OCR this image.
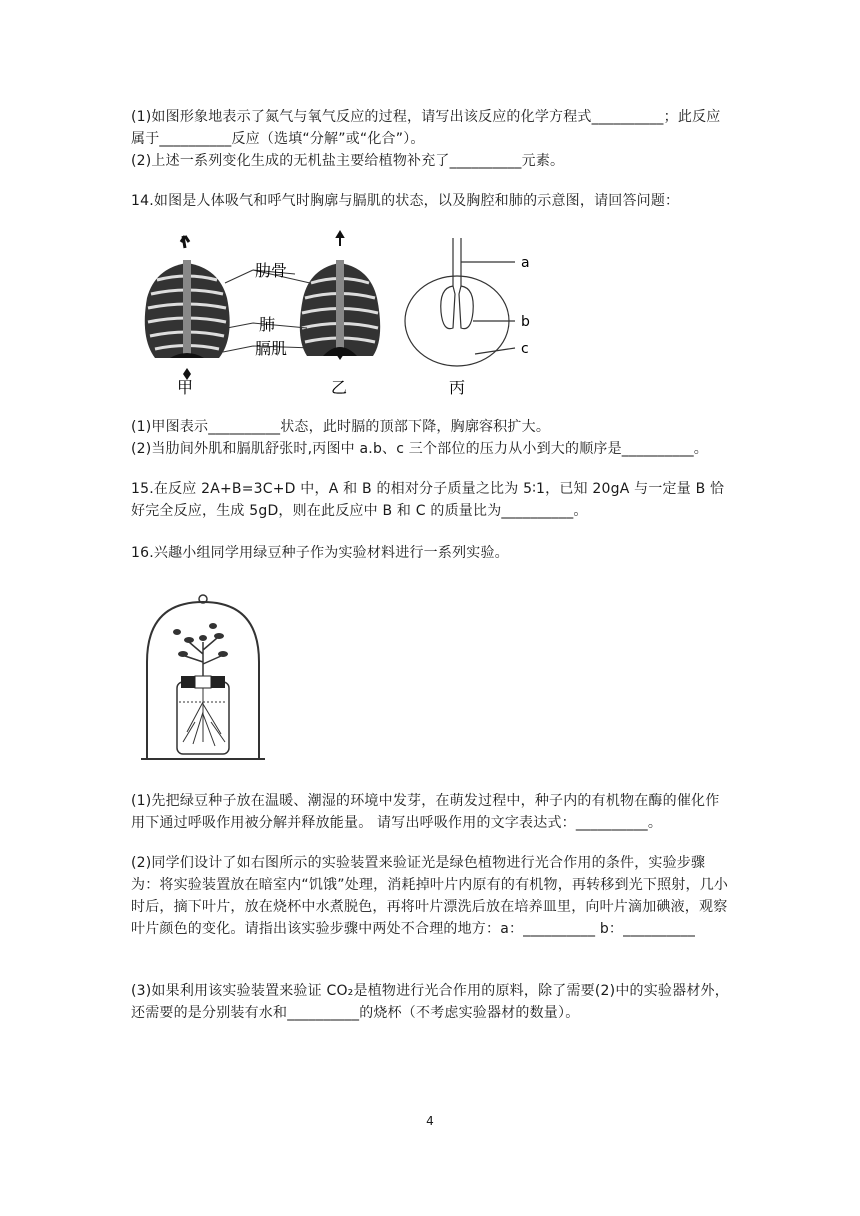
(1)如图形象地表示了氮气与氧气反应的过程，请写出该反应的化学方程式__________；此反应属于__________反应（选填“分解”或“化合”）。
(2)上述一系列变化生成的无机盐主要给植物补充了__________元素。
14.如图是人体吸气和呼气时胸廓与膈肌的状态，以及胸腔和肺的示意图，请回答问题：
肋骨
肺
膈肌
甲	乙
a
b
c
丙
(1)甲图表示__________状态，此时膈的顶部下降，胸廓容积扩大。
(2)当肋间外肌和膈肌舒张时,丙图中 a.b、c 三个部位的压力从小到大的顺序是__________。
15.在反应 2A+B=3C+D 中，A 和 B 的相对分子质量之比为 5∶1，已知 20gA 与一定量 B 恰好完全反应，生成 5gD，则在此反应中 B 和 C 的质量比为__________。
16.兴趣小组同学用绿豆种子作为实验材料进行一系列实验。
(1)先把绿豆种子放在温暖、潮湿的环境中发芽，在萌发过程中，种子内的有机物在酶的催化作用下通过呼吸作用被分解并释放能量。 请写出呼吸作用的文字表达式：__________。
(2)同学们设计了如右图所示的实验装置来验证光是绿色植物进行光合作用的条件，实验步骤为：将实验装置放在暗室内“饥饿”处理，消耗掉叶片内原有的有机物，再转移到光下照射，几小时后，摘下叶片，放在烧杯中水煮脱色，再将叶片漂洗后放在培养皿里，向叶片滴加碘液，观察叶片颜色的变化。请指出该实验步骤中两处不合理的地方：a：__________ b：__________
(3)如果利用该实验装置来验证 CO₂是植物进行光合作用的原料，除了需要(2)中的实验器材外，还需要的是分别装有水和__________的烧杯（不考虑实验器材的数量）。
4
